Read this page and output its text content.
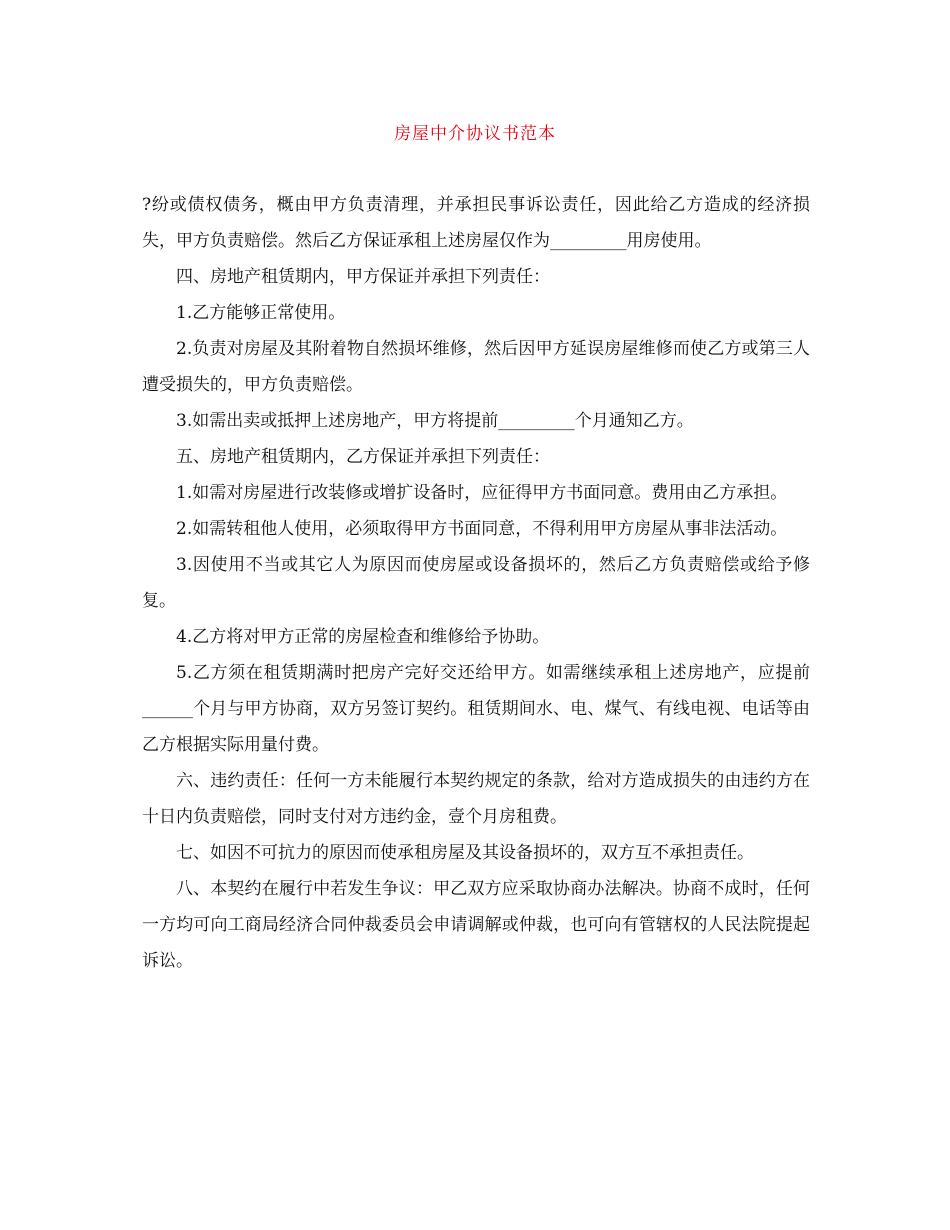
房屋中介协议书范本

?纷或债权债务，概由甲方负责清理，并承担民事诉讼责任，因此给乙方造成的经济损失，甲方负责赔偿。然后乙方保证承租上述房屋仅作为_________用房使用。

四、房地产租赁期内，甲方保证并承担下列责任：

1.乙方能够正常使用。

2.负责对房屋及其附着物自然损坏维修，然后因甲方延误房屋维修而使乙方或第三人遭受损失的，甲方负责赔偿。

3.如需出卖或抵押上述房地产，甲方将提前_________个月通知乙方。

五、房地产租赁期内，乙方保证并承担下列责任：

1.如需对房屋进行改装修或增扩设备时，应征得甲方书面同意。费用由乙方承担。

2.如需转租他人使用，必须取得甲方书面同意，不得利用甲方房屋从事非法活动。

3.因使用不当或其它人为原因而使房屋或设备损坏的，然后乙方负责赔偿或给予修复。

4.乙方将对甲方正常的房屋检查和维修给予协助。

5.乙方须在租赁期满时把房产完好交还给甲方。如需继续承租上述房地产，应提前______个月与甲方协商，双方另签订契约。租赁期间水、电、煤气、有线电视、电话等由乙方根据实际用量付费。

六、违约责任：任何一方未能履行本契约规定的条款，给对方造成损失的由违约方在十日内负责赔偿，同时支付对方违约金，壹个月房租费。

七、如因不可抗力的原因而使承租房屋及其设备损坏的，双方互不承担责任。

八、本契约在履行中若发生争议：甲乙双方应采取协商办法解决。协商不成时，任何一方均可向工商局经济合同仲裁委员会申请调解或仲裁，也可向有管辖权的人民法院提起诉讼。
